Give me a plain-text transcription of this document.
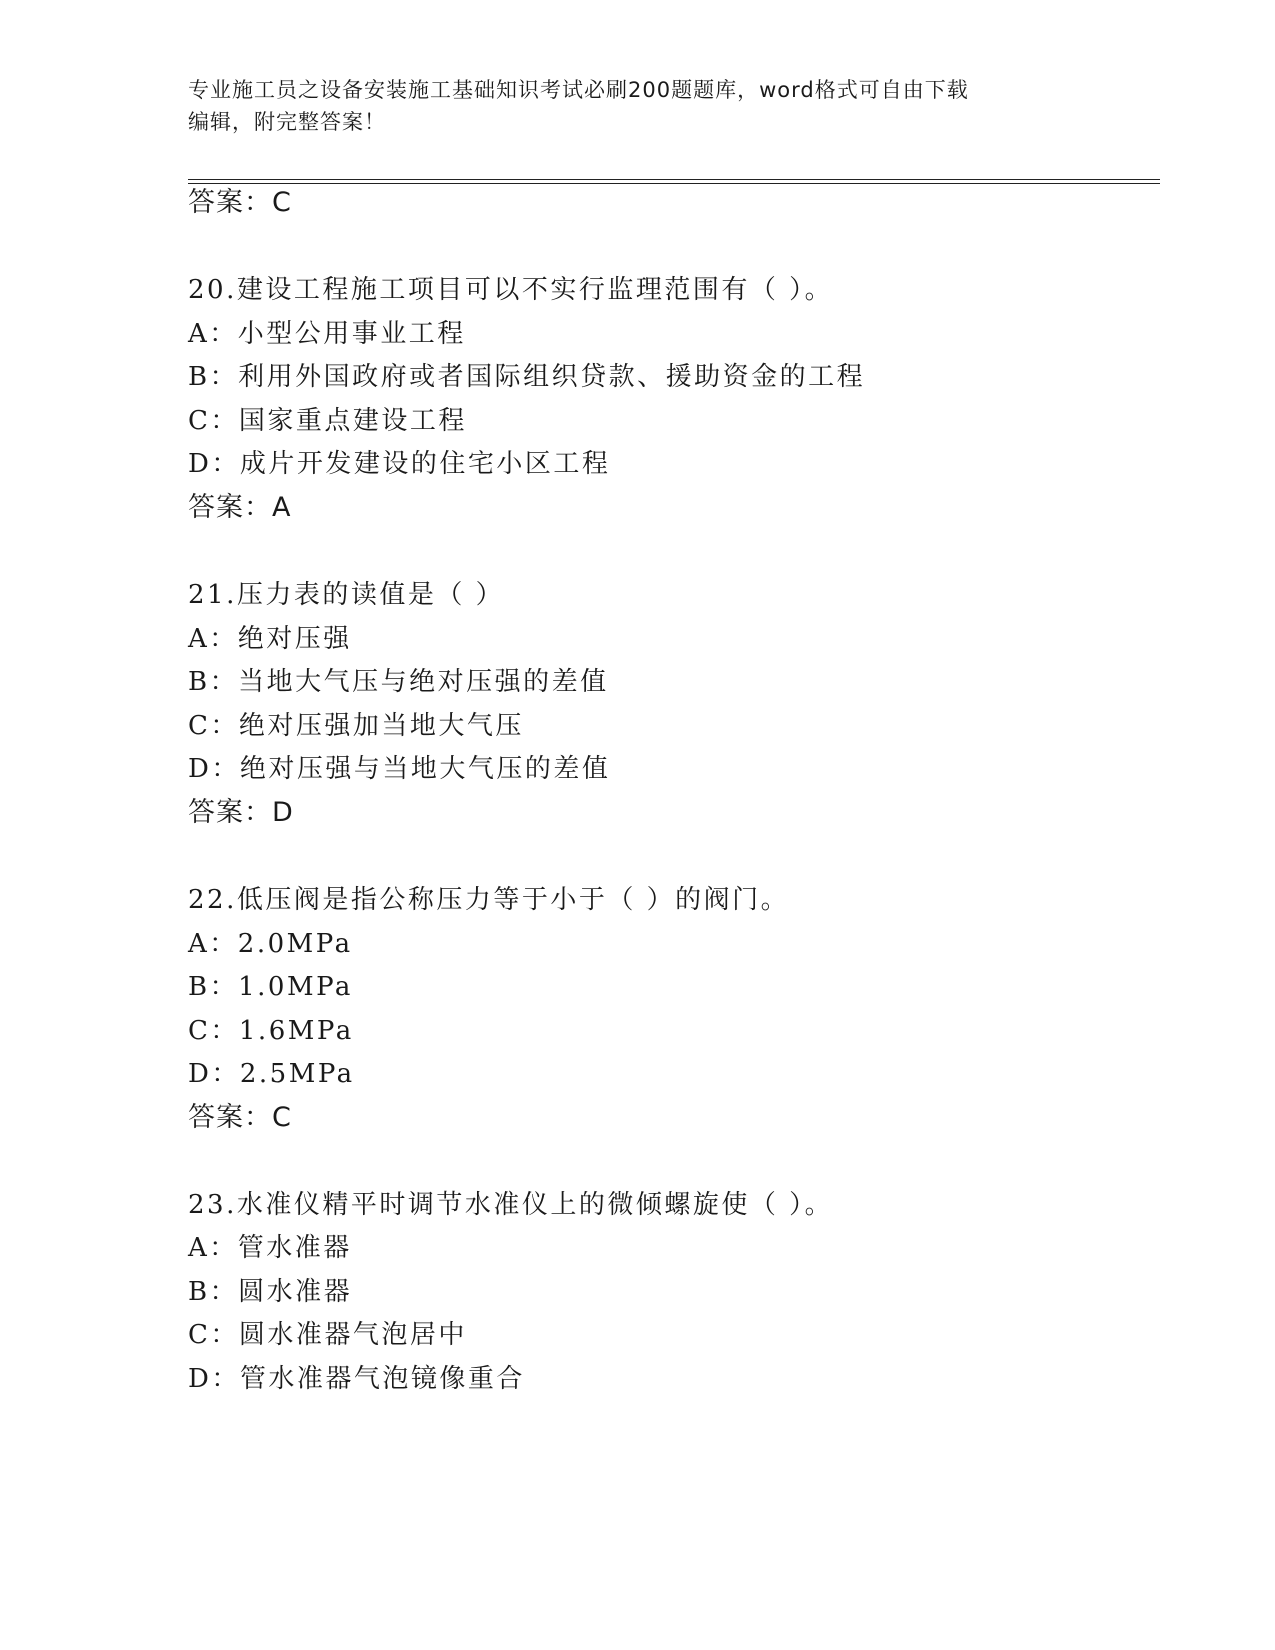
专业施工员之设备安装施工基础知识考试必刷200题题库，word格式可自由下载
编辑，附完整答案！
答案：C
20.建设工程施工项目可以不实行监理范围有（ ）。
A：小型公用事业工程
B：利用外国政府或者国际组织贷款、援助资金的工程
C：国家重点建设工程
D：成片开发建设的住宅小区工程
答案：A
21.压力表的读值是（ ）
A：绝对压强
B：当地大气压与绝对压强的差值
C：绝对压强加当地大气压
D：绝对压强与当地大气压的差值
答案：D
22.低压阀是指公称压力等于小于（ ）的阀门。
A：2.0MPa
B：1.0MPa
C：1.6MPa
D：2.5MPa
答案：C
23.水准仪精平时调节水准仪上的微倾螺旋使（ ）。
A：管水准器
B：圆水准器
C：圆水准器气泡居中
D：管水准器气泡镜像重合
